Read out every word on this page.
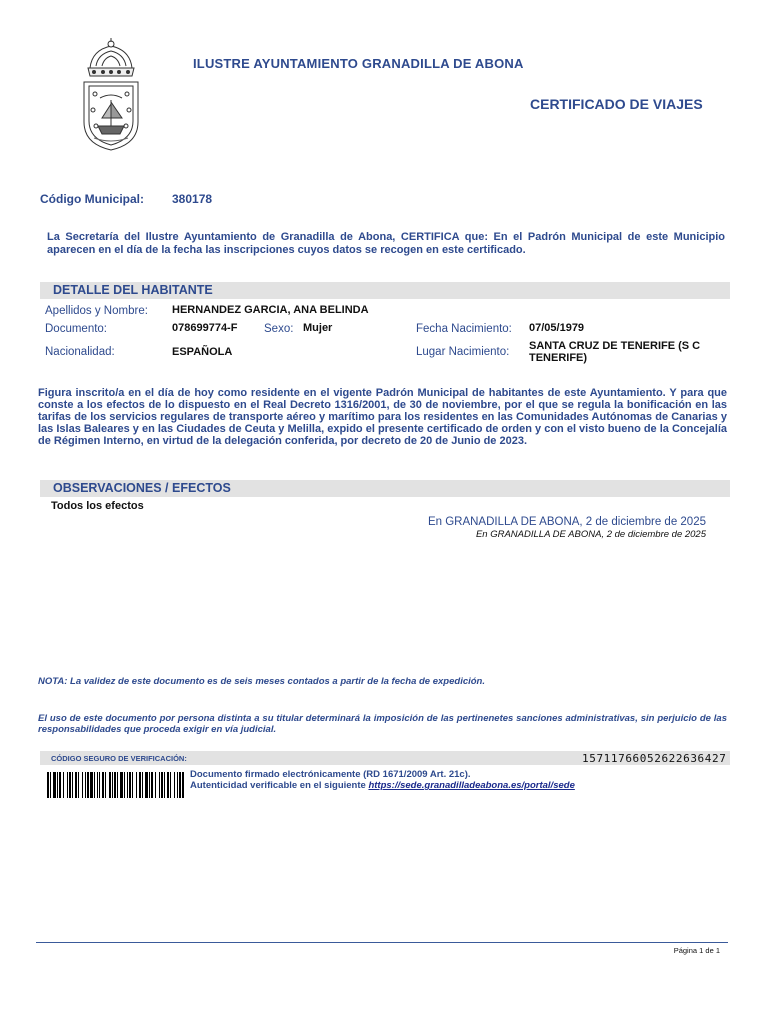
ILUSTRE AYUNTAMIENTO GRANADILLA DE ABONA
CERTIFICADO DE VIAJES
Código Municipal: 380178
La Secretaría del Ilustre Ayuntamiento de Granadilla de Abona, CERTIFICA que: En el Padrón Municipal de este Municipio aparecen en el día de la fecha las inscripciones cuyos datos se recogen en este certificado.
DETALLE DEL HABITANTE
Apellidos y Nombre: HERNANDEZ GARCIA, ANA BELINDA
Documento:	078699774-F Sexo: Mujer	Fecha Nacimiento: 07/05/1979
Nacionalidad:	ESPAÑOLA	Lugar Nacimiento: SANTA CRUZ DE TENERIFE (S C TENERIFE)
Figura inscrito/a en el día de hoy como residente en el vigente Padrón Municipal de habitantes de este Ayuntamiento. Y para que conste a los efectos de lo dispuesto en el Real Decreto 1316/2001, de 30 de noviembre, por el que se regula la bonificación en las tarifas de los servicios regulares de transporte aéreo y marítimo para los residentes en las Comunidades Autónomas de Canarias y las Islas Baleares y en las Ciudades de Ceuta y Melilla, expido el presente certificado de orden y con el visto bueno de la Concejalía de Régimen Interno, en virtud de la delegación conferida, por decreto de 20 de Junio de 2023.
OBSERVACIONES / EFECTOS
Todos los efectos
En GRANADILLA DE ABONA, 2 de diciembre de 2025
En GRANADILLA DE ABONA, 2 de diciembre de 2025
NOTA: La validez de este documento es de seis meses contados a partir de la fecha de expedición.
El uso de este documento por persona distinta a su titular determinará la imposición de las pertinenetes sanciones administrativas, sin perjuicio de las responsabilidades que proceda exigir en vía judicial.
CÓDIGO SEGURO DE VERIFICACIÓN:	15711766052622636427
Documento firmado electrónicamente (RD 1671/2009 Art. 21c).
Autenticidad verificable en el siguiente https://sede.granadilladeabona.es/portal/sede
Página 1 de 1
